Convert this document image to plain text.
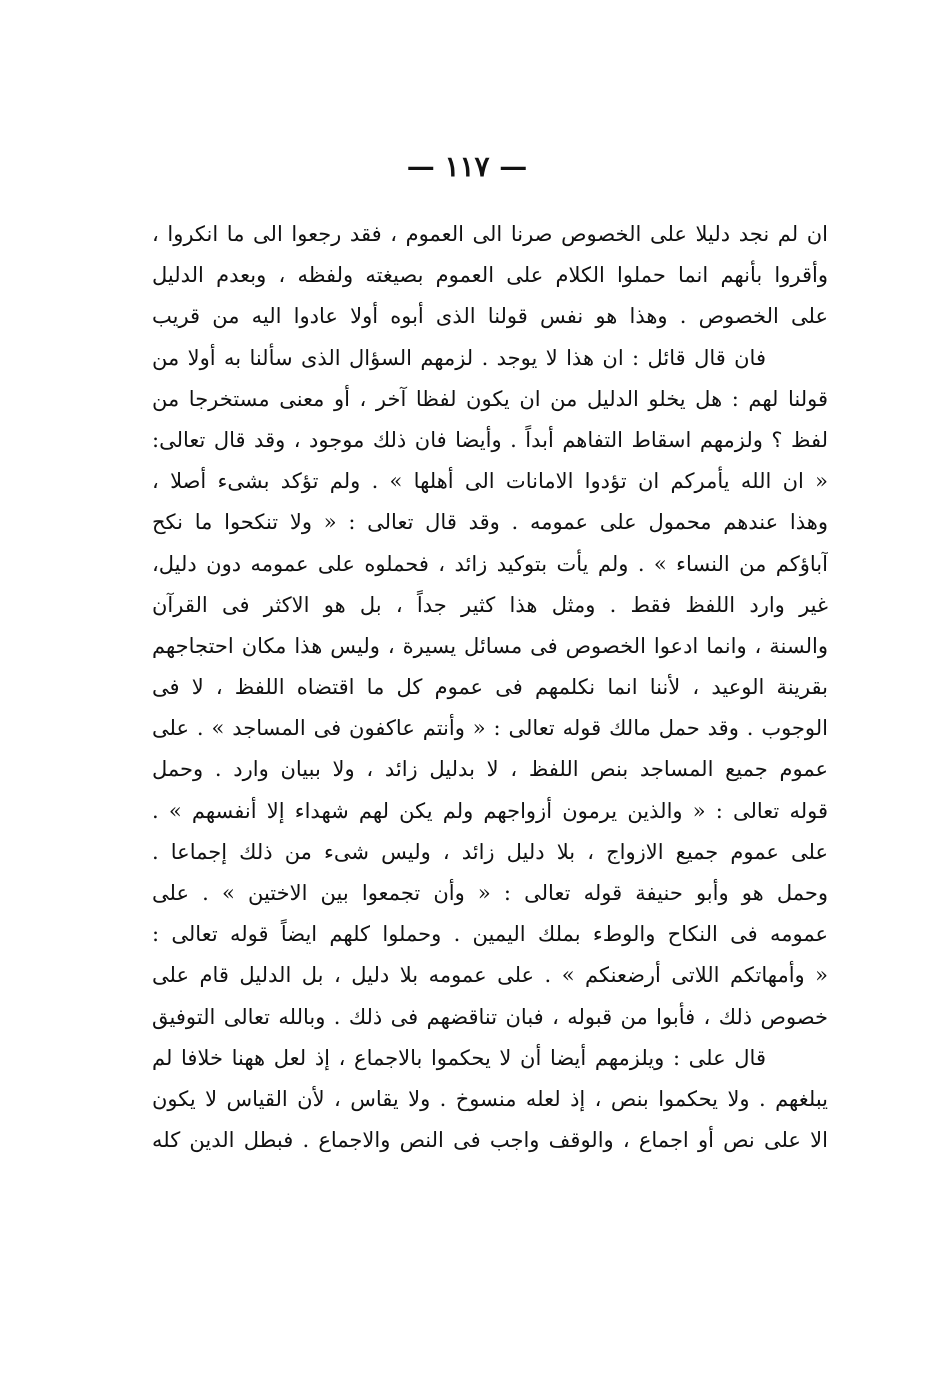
— ١١٧ —
ان لم نجد دليلا على الخصوص صرنا الى العموم ، فقد رجعوا الى ما انكروا ،
وأقروا بأنهم انما حملوا الكلام على العموم بصيغته ولفظه ، وبعدم الدليل
على الخصوص . وهذا هو نفس قولنا الذى أبوه أولا عادوا اليه من قريب
فان قال قائل : ان هذا لا يوجد . لزمهم السؤال الذى سألنا به أولا من
قولنا لهم : هل يخلو الدليل من ان يكون لفظا آخر ، أو معنى مستخرجا من
لفظ ؟ ولزمهم اسقاط التفاهم أبداً . وأيضا فان ذلك موجود ، وقد قال تعالى:
« ان الله يأمركم ان تؤدوا الامانات الى أهلها » . ولم تؤكد بشىء أصلا ،
وهذا عندهم محمول على عمومه . وقد قال تعالى : « ولا تنكحوا ما نكح
آباؤكم من النساء » . ولم يأت بتوكيد زائد ، فحملوه على عمومه دون دليل،
غير وارد اللفظ فقط . ومثل هذا كثير جداً ، بل هو الاكثر فى القرآن
والسنة ، وانما ادعوا الخصوص فى مسائل يسيرة ، وليس هذا مكان احتجاجهم
بقرينة الوعيد ، لأننا انما نكلمهم فى عموم كل ما اقتضاه اللفظ ، لا فى
الوجوب . وقد حمل مالك قوله تعالى : « وأنتم عاكفون فى المساجد » . على
عموم جميع المساجد بنص اللفظ ، لا بدليل زائد ، ولا ببيان وارد . وحمل
قوله تعالى : « والذين يرمون أزواجهم ولم يكن لهم شهداء إلا أنفسهم » .
على عموم جميع الازواج ، بلا دليل زائد ، وليس شىء من ذلك إجماعا .
وحمل هو وأبو حنيفة قوله تعالى : « وأن تجمعوا بين الاختين » . على
عمومه فى النكاح والوطء بملك اليمين . وحملوا كلهم ايضاً قوله تعالى :
« وأمهاتكم اللاتى أرضعنكم » . على عمومه بلا دليل ، بل الدليل قام على
خصوص ذلك ، فأبوا من قبوله ، فبان تناقضهم فى ذلك . وبالله تعالى التوفيق
قال على : ويلزمهم أيضا أن لا يحكموا بالاجماع ، إذ لعل ههنا خلافا لم
يبلغهم . ولا يحكموا بنص ، إذ لعله منسوخ . ولا يقاس ، لأن القياس لا يكون
الا على نص أو اجماع ، والوقف واجب فى النص والاجماع . فبطل الدين كله
